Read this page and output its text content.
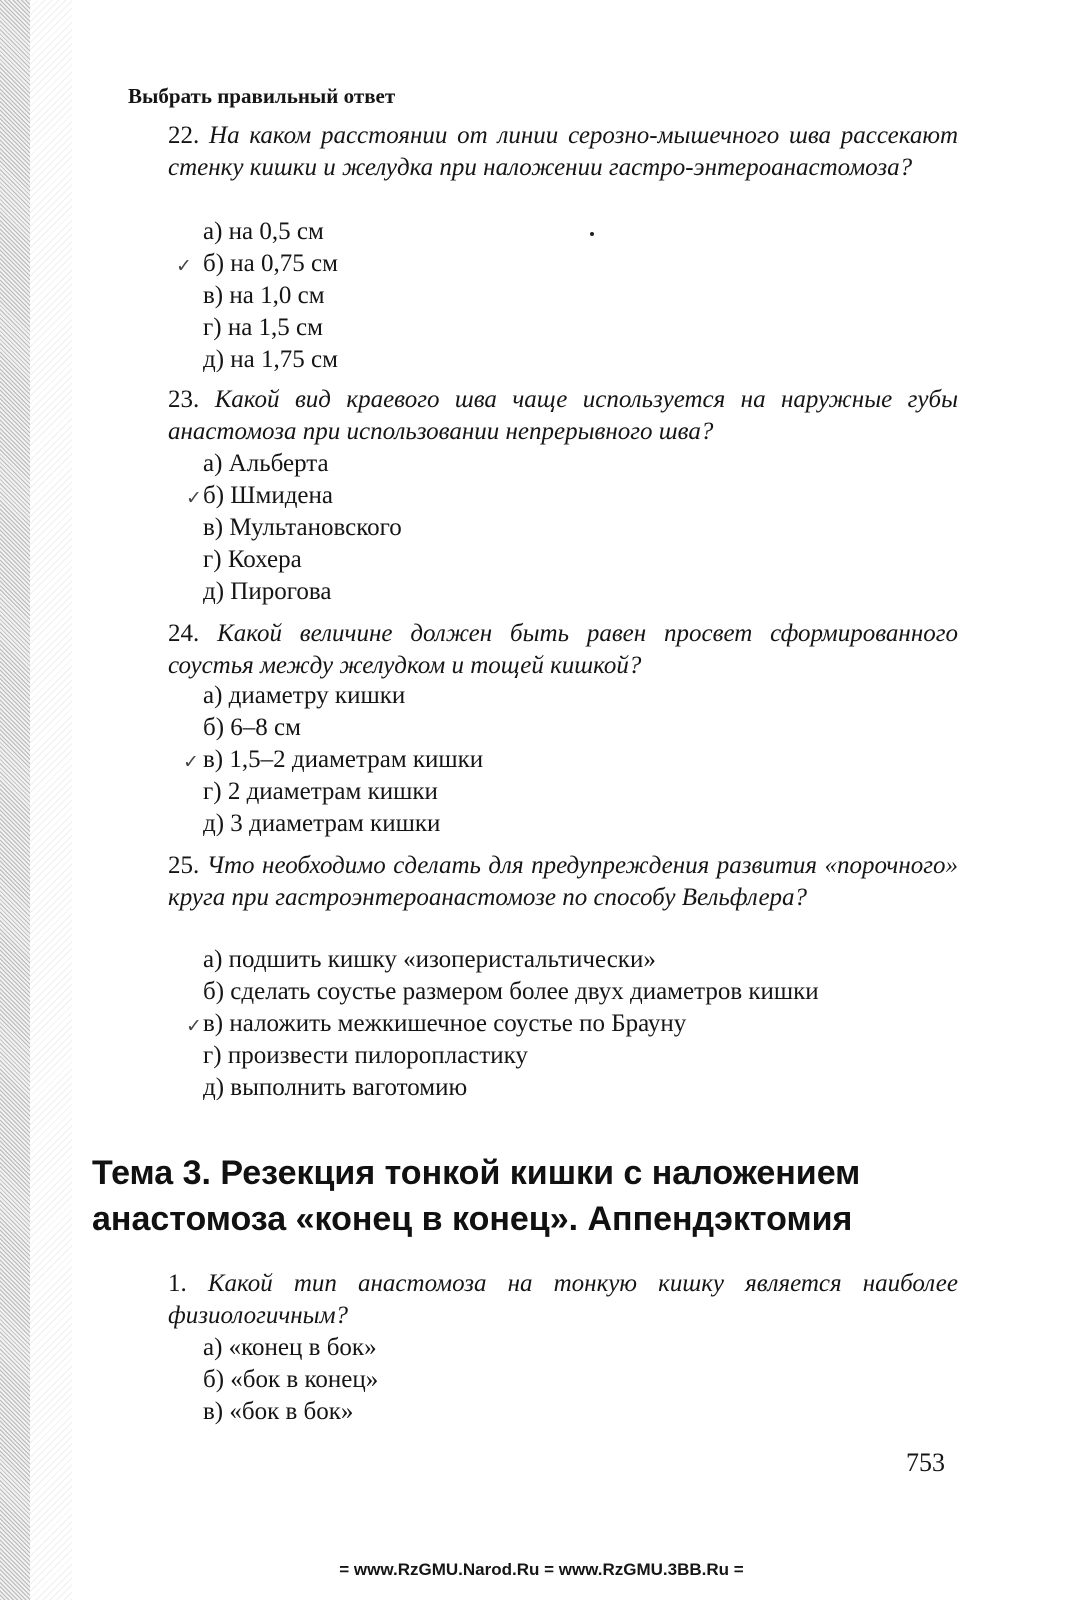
Выбрать правильный ответ

22. На каком расстоянии от линии серозно-мышечного шва рассекают стенку кишки и желудка при наложении гастро-энтероанастомоза?

✓

а) на 0,5 см

б) на 0,75 см

в) на 1,0 см

г) на 1,5 см

д) на 1,75 см

23. Какой вид краевого шва чаще используется на наружные губы анастомоза при использовании непрерывного шва?

✓

а) Альберта

б) Шмидена

в) Мультановского

г) Кохера

д) Пирогова

24. Какой величине должен быть равен просвет сформированного соустья между желудком и тощей кишкой?

✓

а) диаметру кишки

б) 6–8 см

в) 1,5–2 диаметрам кишки

г) 2 диаметрам кишки

д) 3 диаметрам кишки

25. Что необходимо сделать для предупреждения развития «порочного» круга при гастроэнтероанастомозе по способу Вельфлера?

✓

а) подшить кишку «изоперистальтически»

б) сделать соустье размером более двух диаметров кишки

в) наложить межкишечное соустье по Брауну

г) произвести пилоропластику

д) выполнить ваготомию

Тема 3. Резекция тонкой кишки с наложением анастомоза «конец в конец». Аппендэктомия

1. Какой тип анастомоза на тонкую кишку является наиболее физиологичным?

а) «конец в бок»

б) «бок в конец»

в) «бок в бок»

753
= www.RzGMU.Narod.Ru = www.RzGMU.3BB.Ru =
